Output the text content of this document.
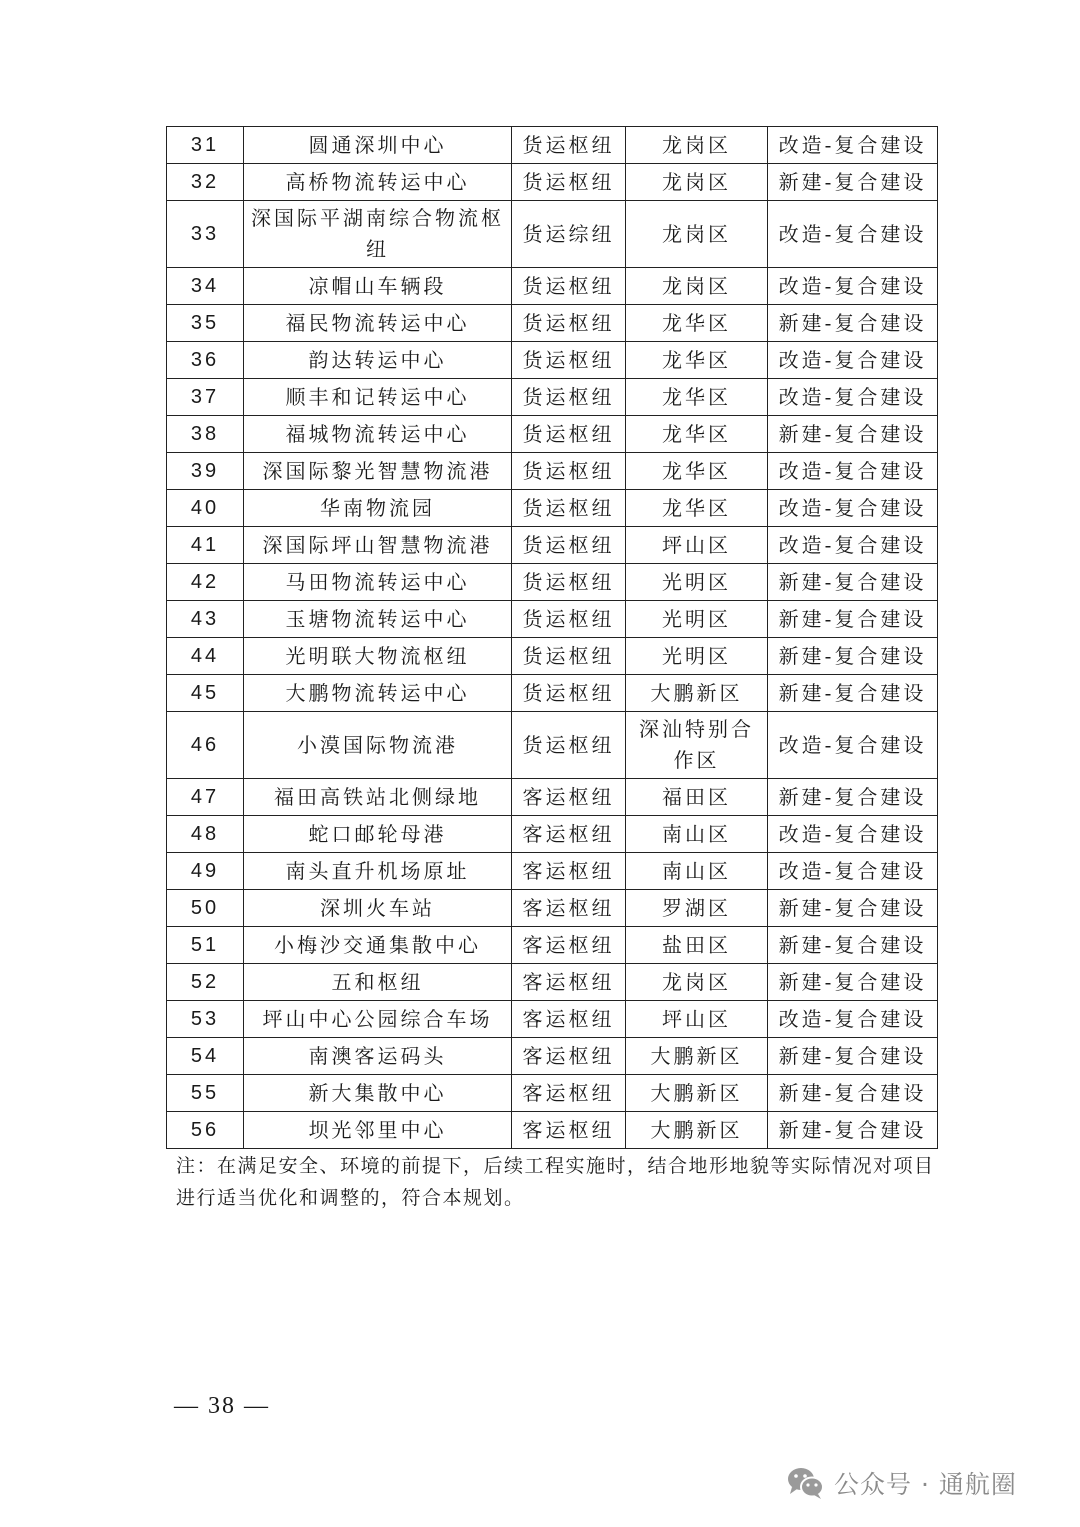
31	圆通深圳中心	货运枢纽	龙岗区	改造-复合建设
32	高桥物流转运中心	货运枢纽	龙岗区	新建-复合建设
33	深国际平湖南综合物流枢纽	货运综纽	龙岗区	改造-复合建设
34	凉帽山车辆段	货运枢纽	龙岗区	改造-复合建设
35	福民物流转运中心	货运枢纽	龙华区	新建-复合建设
36	韵达转运中心	货运枢纽	龙华区	改造-复合建设
37	顺丰和记转运中心	货运枢纽	龙华区	改造-复合建设
38	福城物流转运中心	货运枢纽	龙华区	新建-复合建设
39	深国际黎光智慧物流港	货运枢纽	龙华区	改造-复合建设
40	华南物流园	货运枢纽	龙华区	改造-复合建设
41	深国际坪山智慧物流港	货运枢纽	坪山区	改造-复合建设
42	马田物流转运中心	货运枢纽	光明区	新建-复合建设
43	玉塘物流转运中心	货运枢纽	光明区	新建-复合建设
44	光明联大物流枢纽	货运枢纽	光明区	新建-复合建设
45	大鹏物流转运中心	货运枢纽	大鹏新区	新建-复合建设
46	小漠国际物流港	货运枢纽	深汕特别合作区	改造-复合建设
47	福田高铁站北侧绿地	客运枢纽	福田区	新建-复合建设
48	蛇口邮轮母港	客运枢纽	南山区	改造-复合建设
49	南头直升机场原址	客运枢纽	南山区	改造-复合建设
50	深圳火车站	客运枢纽	罗湖区	新建-复合建设
51	小梅沙交通集散中心	客运枢纽	盐田区	新建-复合建设
52	五和枢纽	客运枢纽	龙岗区	新建-复合建设
53	坪山中心公园综合车场	客运枢纽	坪山区	改造-复合建设
54	南澳客运码头	客运枢纽	大鹏新区	新建-复合建设
55	新大集散中心	客运枢纽	大鹏新区	新建-复合建设
56	坝光邻里中心	客运枢纽	大鹏新区	新建-复合建设
注：在满足安全、环境的前提下，后续工程实施时，结合地形地貌等实际情况对项目进行适当优化和调整的，符合本规划。
— 38 —
公众号 · 通航圈
